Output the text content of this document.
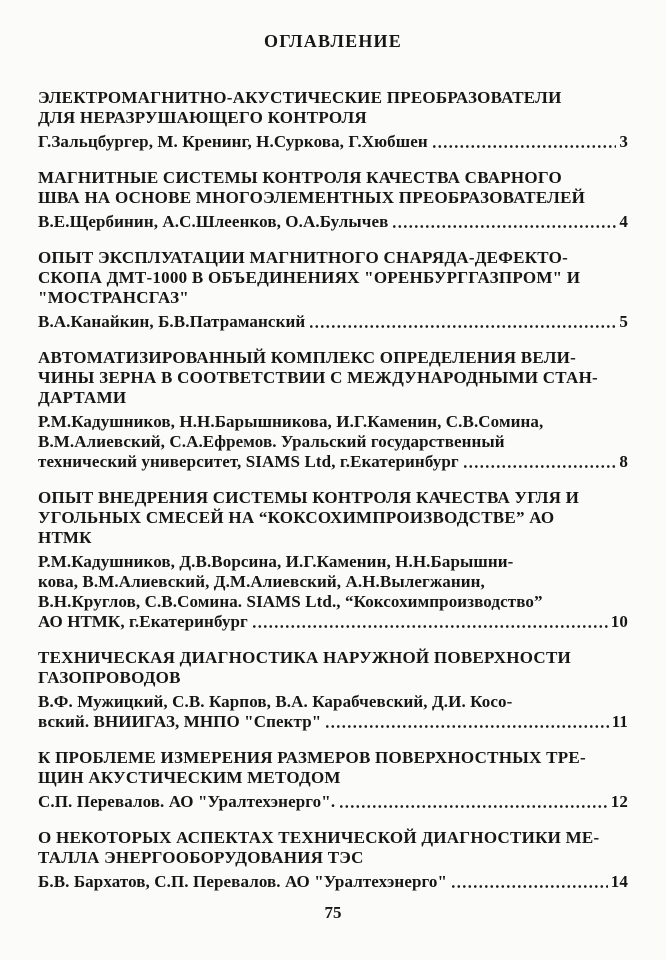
ОГЛАВЛЕНИЕ
ЭЛЕКТРОМАГНИТНО-АКУСТИЧЕСКИЕ ПРЕОБРАЗОВАТЕЛИ
ДЛЯ НЕРАЗРУШАЮЩЕГО КОНТРОЛЯ
Г.Зальцбургер, М. Кренинг, Н.Суркова, Г.Хюбшен	3
МАГНИТНЫЕ СИСТЕМЫ КОНТРОЛЯ КАЧЕСТВА СВАРНОГО
ШВА НА ОСНОВЕ МНОГОЭЛЕМЕНТНЫХ ПРЕОБРАЗОВАТЕЛЕЙ
В.Е.Щербинин, А.С.Шлеенков, О.А.Булычев	4
ОПЫТ ЭКСПЛУАТАЦИИ МАГНИТНОГО СНАРЯДА-ДЕФЕКТО-
СКОПА ДМТ-1000 В ОБЪЕДИНЕНИЯХ "ОРЕНБУРГГАЗПРОМ" И
"МОСТРАНСГАЗ"
В.А.Канайкин, Б.В.Патраманский	5
АВТОМАТИЗИРОВАННЫЙ КОМПЛЕКС ОПРЕДЕЛЕНИЯ ВЕЛИ-
ЧИНЫ ЗЕРНА В СООТВЕТСТВИИ С МЕЖДУНАРОДНЫМИ СТАН-
ДАРТАМИ
Р.М.Кадушников, Н.Н.Барышникова, И.Г.Каменин, С.В.Сомина,
В.М.Алиевский, С.А.Ефремов. Уральский государственный
технический университет, SIAMS Ltd, г.Екатеринбург	8
ОПЫТ ВНЕДРЕНИЯ СИСТЕМЫ КОНТРОЛЯ КАЧЕСТВА УГЛЯ И
УГОЛЬНЫХ СМЕСЕЙ НА “КОКСОХИМПРОИЗВОДСТВЕ” АО
НТМК
Р.М.Кадушников, Д.В.Ворсина, И.Г.Каменин, Н.Н.Барышни-
кова, В.М.Алиевский, Д.М.Алиевский, А.Н.Вылегжанин,
В.Н.Круглов, С.В.Сомина. SIAMS Ltd., “Коксохимпроизводство”
АО НТМК, г.Екатеринбург	10
ТЕХНИЧЕСКАЯ ДИАГНОСТИКА НАРУЖНОЙ ПОВЕРХНОСТИ
ГАЗОПРОВОДОВ
В.Ф. Мужицкий, С.В. Карпов, В.А. Карабчевский, Д.И. Косо-
вский. ВНИИГАЗ, МНПО "Спектр"	11
К ПРОБЛЕМЕ ИЗМЕРЕНИЯ РАЗМЕРОВ ПОВЕРХНОСТНЫХ ТРЕ-
ЩИН АКУСТИЧЕСКИМ МЕТОДОМ
С.П. Перевалов. АО "Уралтехэнерго".	12
О НЕКОТОРЫХ АСПЕКТАХ ТЕХНИЧЕСКОЙ ДИАГНОСТИКИ МЕ-
ТАЛЛА ЭНЕРГООБОРУДОВАНИЯ ТЭС
Б.В. Бархатов, С.П. Перевалов. АО "Уралтехэнерго"	14
75
